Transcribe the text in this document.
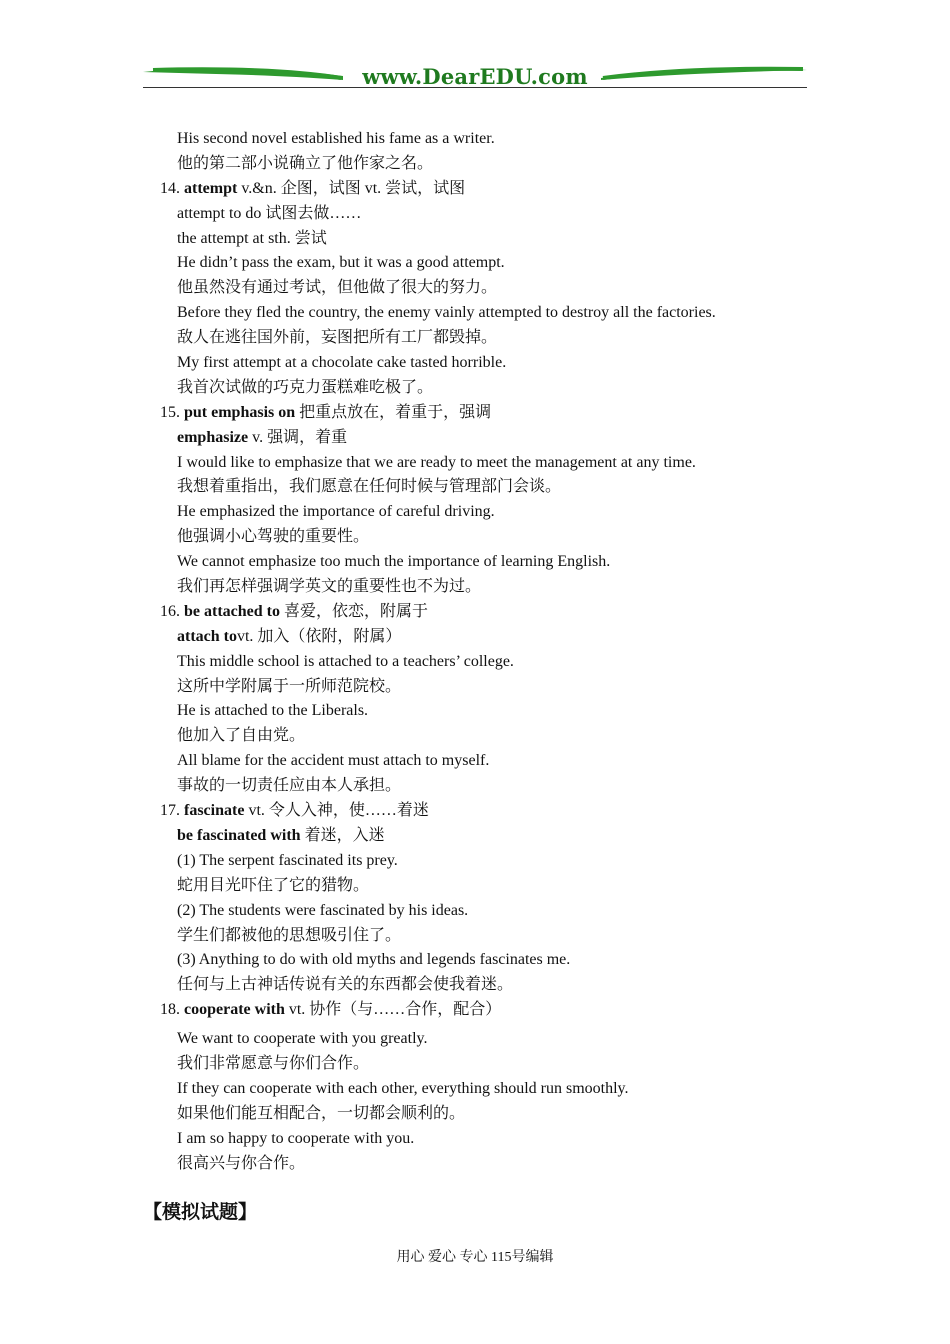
www.DearEDU.com
His second novel established his fame as a writer.
他的第二部小说确立了他作家之名。
14. attempt v.&n. 企图，试图 vt. 尝试，试图
attempt to do 试图去做……
the attempt at sth. 尝试
He didn’t pass the exam, but it was a good attempt.
他虽然没有通过考试，但他做了很大的努力。
Before they fled the country, the enemy vainly attempted to destroy all the factories.
敌人在逃往国外前，妄图把所有工厂都毁掉。
My first attempt at a chocolate cake tasted horrible.
我首次试做的巧克力蛋糕难吃极了。
15. put emphasis on 把重点放在，着重于，强调
emphasize v. 强调，着重
I would like to emphasize that we are ready to meet the management at any time.
我想着重指出，我们愿意在任何时候与管理部门会谈。
He emphasized the importance of careful driving.
他强调小心驾驶的重要性。
We cannot emphasize too much the importance of learning English.
我们再怎样强调学英文的重要性也不为过。
16. be attached to 喜爱，依恋，附属于
attach tovt. 加入（依附，附属）
This middle school is attached to a teachers’ college.
这所中学附属于一所师范院校。
He is attached to the Liberals.
他加入了自由党。
All blame for the accident must attach to myself.
事故的一切责任应由本人承担。
17. fascinate vt. 令人入神，使……着迷
be fascinated with 着迷，入迷
(1) The serpent fascinated its prey.
蛇用目光吓住了它的猎物。
(2) The students were fascinated by his ideas.
学生们都被他的思想吸引住了。
(3) Anything to do with old myths and legends fascinates me.
任何与上古神话传说有关的东西都会使我着迷。
18. cooperate with vt. 协作（与……合作，配合）
We want to cooperate with you greatly.
我们非常愿意与你们合作。
If they can cooperate with each other, everything should run smoothly.
如果他们能互相配合，一切都会顺利的。
I am so happy to cooperate with you.
很高兴与你合作。
【模拟试题】
用心 爱心 专心 115号编辑
